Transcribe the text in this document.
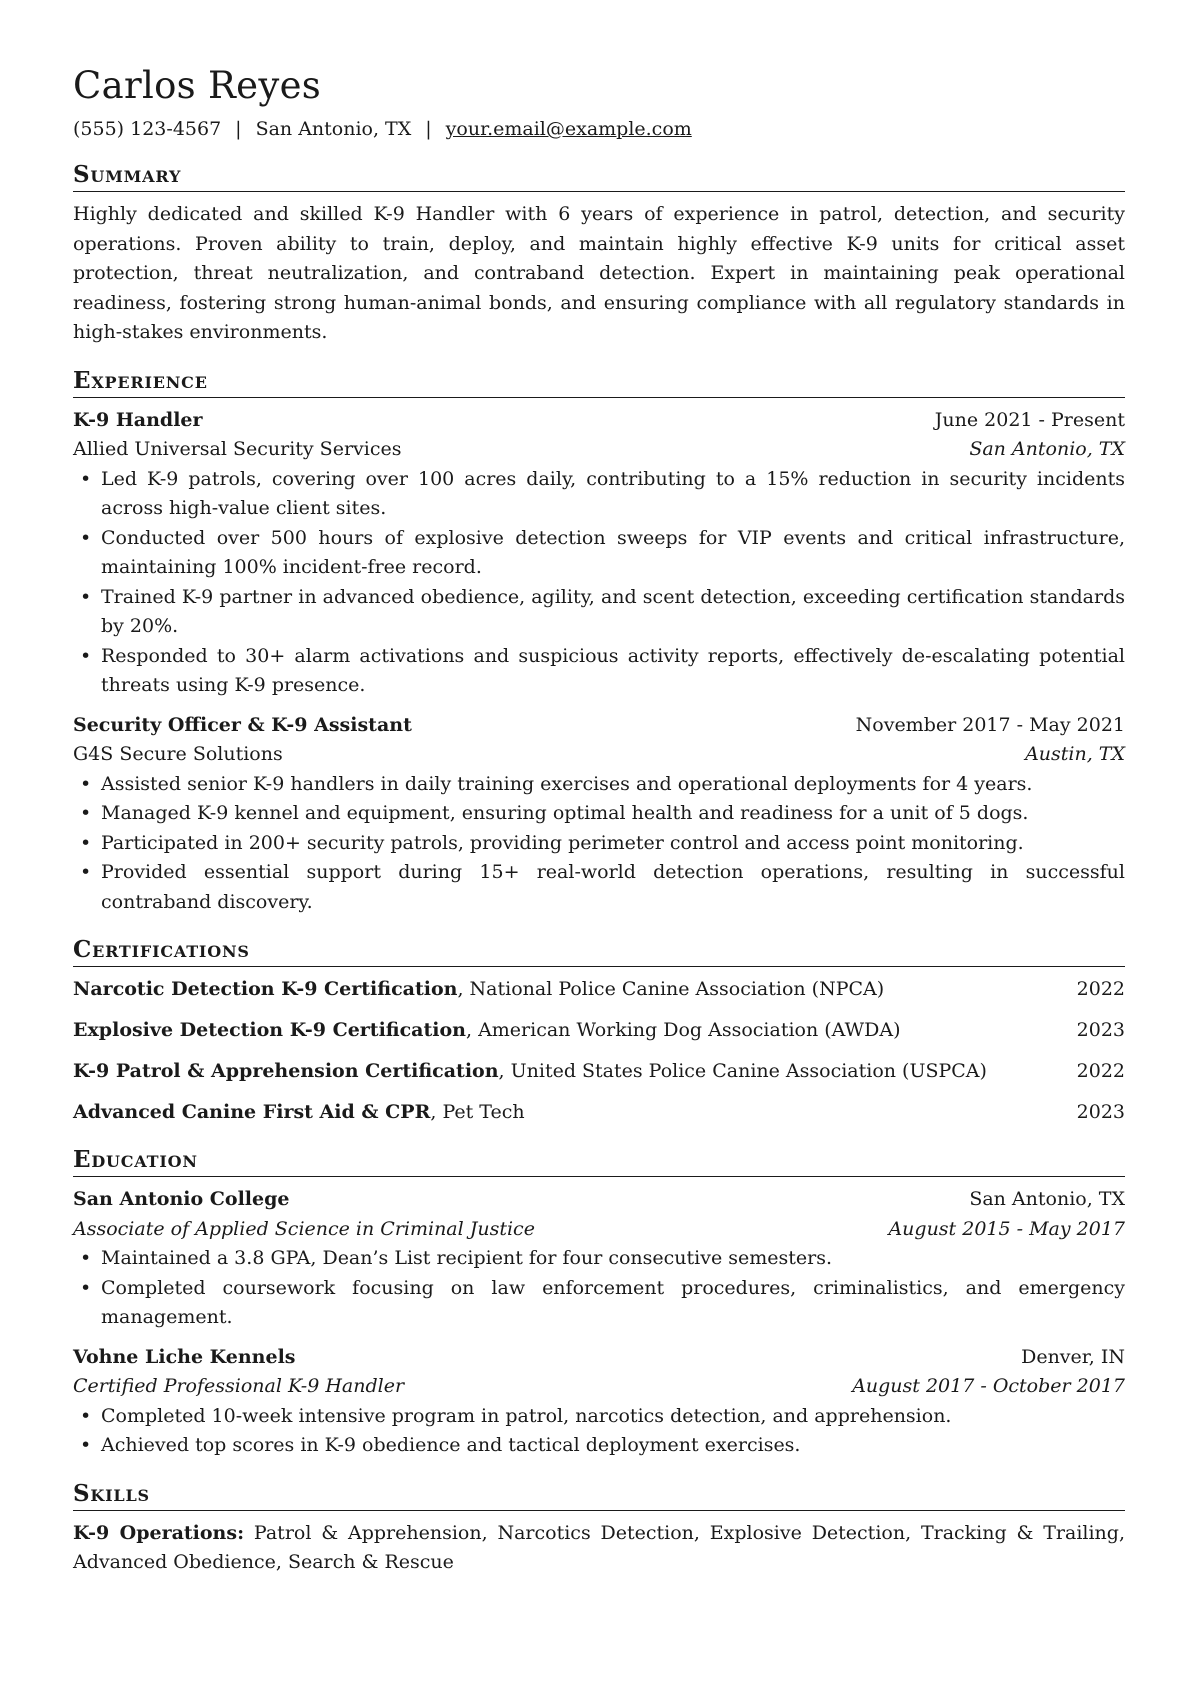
Carlos Reyes
(555) 123-4567 | San Antonio, TX | your.email@example.com
Summary

Highly dedicated and skilled K-9 Handler with 6 years of experience in patrol, detection, and security operations. Proven ability to train, deploy, and maintain highly effective K-9 units for critical asset protection, threat neutralization, and contraband detection. Expert in maintaining peak operational readiness, fostering strong human-animal bonds, and ensuring compliance with all regulatory standards in high-stakes environments.

Experience
K-9 Handler	June 2021 - Present
Allied Universal Security Services	San Antonio, TX
• Led K-9 patrols, covering over 100 acres daily, contributing to a 15% reduction in security incidents across high-value client sites.
• Conducted over 500 hours of explosive detection sweeps for VIP events and critical infrastructure, maintaining 100% incident-free record.
• Trained K-9 partner in advanced obedience, agility, and scent detection, exceeding certification standards by 20%.
• Responded to 30+ alarm activations and suspicious activity reports, effectively de-escalating potential threats using K-9 presence.
Security Officer & K-9 Assistant	November 2017 - May 2021
G4S Secure Solutions	Austin, TX
• Assisted senior K-9 handlers in daily training exercises and operational deployments for 4 years.
• Managed K-9 kennel and equipment, ensuring optimal health and readiness for a unit of 5 dogs.
• Participated in 200+ security patrols, providing perimeter control and access point monitoring.
• Provided essential support during 15+ real-world detection operations, resulting in successful contraband discovery.
Certifications
Narcotic Detection K-9 Certification, National Police Canine Association (NPCA)	2022
Explosive Detection K-9 Certification, American Working Dog Association (AWDA)	2023
K-9 Patrol & Apprehension Certification, United States Police Canine Association (USPCA)	2022
Advanced Canine First Aid & CPR, Pet Tech	2023
Education
San Antonio College	San Antonio, TX
Associate of Applied Science in Criminal Justice	August 2015 - May 2017
• Maintained a 3.8 GPA, Dean’s List recipient for four consecutive semesters.
• Completed coursework focusing on law enforcement procedures, criminalistics, and emergency management.
Vohne Liche Kennels	Denver, IN
Certified Professional K-9 Handler	August 2017 - October 2017
• Completed 10-week intensive program in patrol, narcotics detection, and apprehension.
• Achieved top scores in K-9 obedience and tactical deployment exercises.
Skills

K-9 Operations: Patrol & Apprehension, Narcotics Detection, Explosive Detection, Tracking & Trailing, Advanced Obedience, Search & Rescue
